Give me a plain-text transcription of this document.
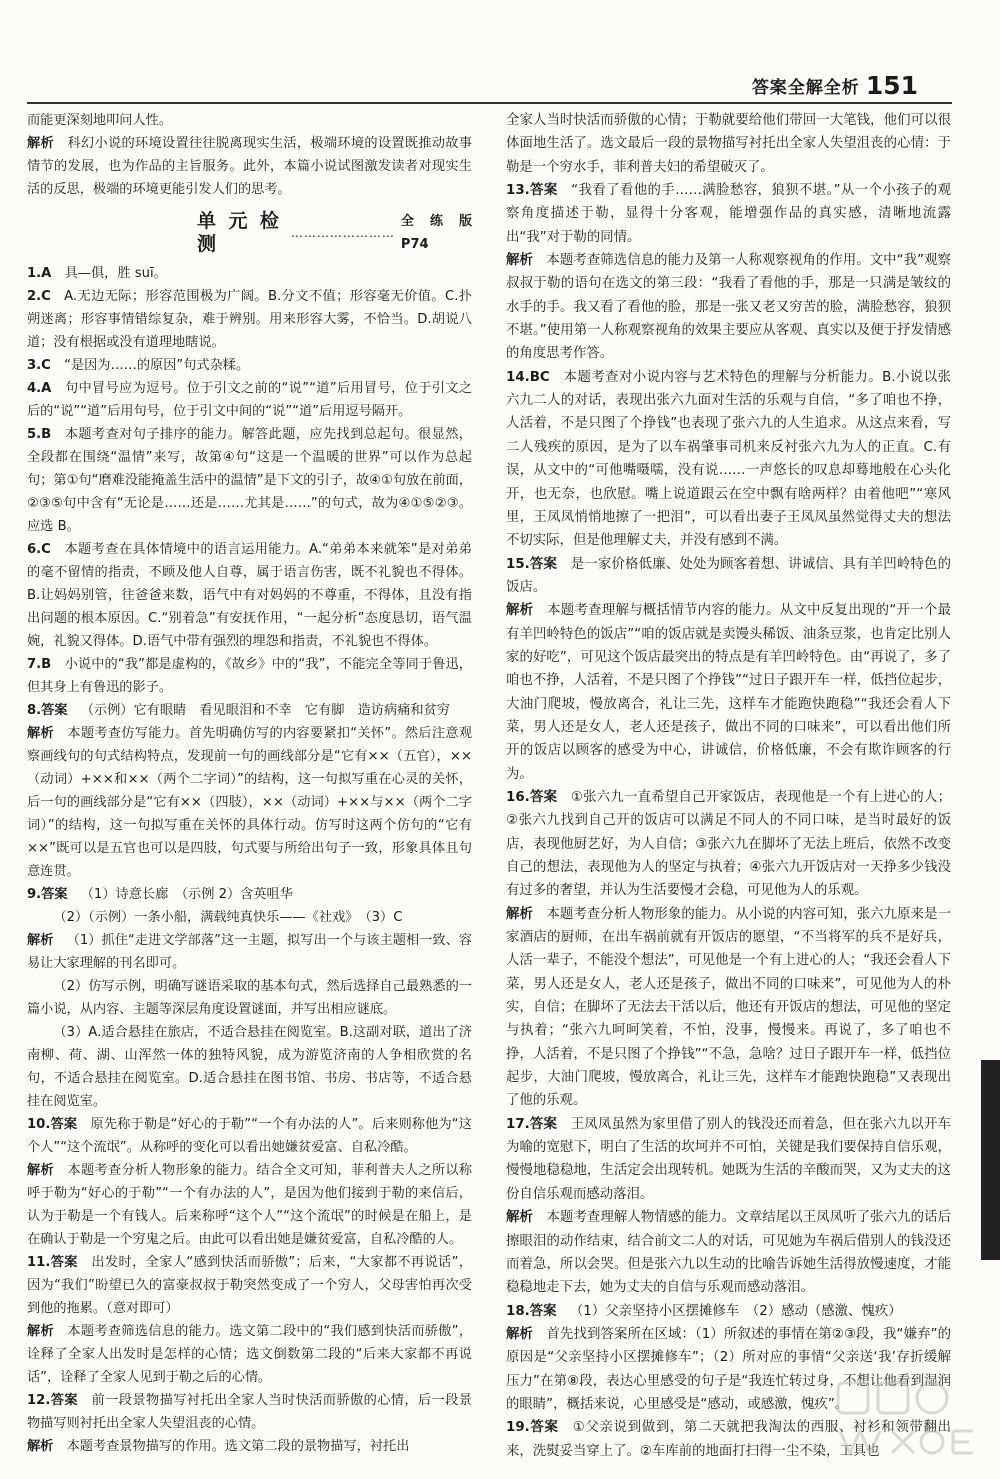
答案全解全析 151

而能更深刻地叩问人性。

解析  科幻小说的环境设置往往脱离现实生活，极端环境的设置既推动故事情节的发展，也为作品的主旨服务。此外，本篇小说试图激发读者对现实生活的反思，极端的环境更能引发人们的思考。

单元检测
……………………
全练版 P74

1.A  具—俱，胜 suī。

2.C  A.无边无际；形容范围极为广阔。B.分文不值；形容毫无价值。C.扑朔迷离；形容事情错综复杂，难于辨别。用来形容大雾，不恰当。D.胡说八道；没有根据或没有道理地瞎说。

3.C  “是因为……的原因”句式杂糅。

4.A  句中冒号应为逗号。位于引文之前的“说”“道”后用冒号，位于引文之后的“说”“道”后用句号，位于引文中间的“说”“道”后用逗号隔开。

5.B  本题考查对句子排序的能力。解答此题，应先找到总起句。很显然，全段都在围绕“温情”来写，故第④句“这是一个温暖的世界”可以作为总起句；第①句“磨难没能掩盖生活中的温情”是下文的引子，故④①句放在前面，②③⑤句中含有“无论是……还是……尤其是……”的句式，故为④①⑤②③。应选 B。

6.C  本题考查在具体情境中的语言运用能力。A.“弟弟本来就笨”是对弟弟的毫不留情的指责，不顾及他人自尊，属于语言伤害，既不礼貌也不得体。B.让妈妈别管，往爸爸来数，语气中有对妈妈的不尊重，不得体，且没有指出问题的根本原因。C.“别着急”有安抚作用，“一起分析”态度恳切，语气温婉，礼貌又得体。D.语气中带有强烈的埋怨和指责，不礼貌也不得体。

7.B  小说中的“我”都是虚构的，《故乡》中的“我”，不能完全等同于鲁迅，但其身上有鲁迅的影子。

8.答案  （示例）它有眼睛　看见眼泪和不幸　它有脚　造访病痛和贫穷

解析  本题考查仿写能力。首先明确仿写的内容要紧扣“关怀”。然后注意观察画线句的句式结构特点，发现前一句的画线部分是“它有××（五官），××（动词）+××和××（两个二字词）”的结构，这一句拟写重在心灵的关怀，后一句的画线部分是“它有××（四肢），××（动词）+××与××（两个二字词）”的结构，这一句拟写重在关怀的具体行动。仿写时这两个仿句的“它有××”既可以是五官也可以是四肢，句式要与所给出句子一致，形象具体且句意连贯。

9.答案  （1）诗意长廊　（示例 2）含英咀华

（2）（示例）一条小船，满载纯真快乐——《社戏》　（3）C

解析  （1）抓住“走进文学部落”这一主题，拟写出一个与该主题相一致、容易让大家理解的刊名即可。

（2）仿写示例，明确写谜语采取的基本句式，然后选择自己最熟悉的一篇小说，从内容、主题等深层角度设置谜面，并写出相应谜底。

（3）A.适合悬挂在旅店，不适合悬挂在阅览室。B.这副对联，道出了济南柳、荷、湖、山浑然一体的独特风貌，成为游览济南的人争相欣赏的名句，不适合悬挂在阅览室。D.适合悬挂在图书馆、书房、书店等，不适合悬挂在阅览室。

10.答案  原先称于勒是“好心的于勒”“一个有办法的人”。后来则称他为“这个人”“这个流氓”。从称呼的变化可以看出她嫌贫爱富、自私冷酷。

解析  本题考查分析人物形象的能力。结合全文可知，菲利普夫人之所以称呼于勒为“好心的于勒”“一个有办法的人”，是因为他们接到于勒的来信后，认为于勒是一个有钱人。后来称呼“这个人”“这个流氓”的时候是在船上，是在确认于勒是一个穷鬼之后。由此可以看出她是嫌贫爱富，自私冷酷的人。

11.答案  出发时，全家人“感到快活而骄傲”；后来，“大家都不再说话”，因为“我们”盼望已久的富豪叔叔于勒突然变成了一个穷人，父母害怕再次受到他的拖累。（意对即可）

解析  本题考查筛选信息的能力。选文第二段中的“我们感到快活而骄傲”，诠释了全家人出发时是怎样的心情；选文倒数第二段的“后来大家都不再说话”，诠释了全家人见到于勒之后的心情。

12.答案  前一段景物描写衬托出全家人当时快活而骄傲的心情，后一段景物描写则衬托出全家人失望沮丧的心情。

解析  本题考查景物描写的作用。选文第二段的景物描写，衬托出

全家人当时快活而骄傲的心情；于勒就要给他们带回一大笔钱，他们可以很体面地生活了。选文最后一段的景物描写衬托出全家人失望沮丧的心情：于勒是一个穷水手，菲利普夫妇的希望破灭了。

13.答案  “我看了看他的手……满脸愁容，狼狈不堪。”从一个小孩子的观察角度描述于勒，显得十分客观，能增强作品的真实感，清晰地流露出“我”对于勒的同情。

解析  本题考查筛选信息的能力及第一人称观察视角的作用。文中“我”观察叔叔于勒的语句在选文的第三段：“我看了看他的手，那是一只满是皱纹的水手的手。我又看了看他的脸，那是一张又老又穷苦的脸，满脸愁容，狼狈不堪。”使用第一人称观察视角的效果主要应从客观、真实以及便于抒发情感的角度思考作答。

14.BC  本题考查对小说内容与艺术特色的理解与分析能力。B.小说以张六九二人的对话，表现出张六九面对生活的乐观与自信，“多了咱也不挣，人活着，不是只图了个挣钱”也表现了张六九的人生追求。从这点来看，写二人残疾的原因，是为了以车祸肇事司机来反衬张六九为人的正直。C.有误，从文中的“可他嘴嗫嚅，没有说……一声悠长的叹息却蓦地般在心头化开，也无奈，也欣慰。嘴上说道跟云在空中飘有啥两样？由着他吧”“寒风里，王凤凤悄悄地擦了一把泪”，可以看出妻子王凤凤虽然觉得丈夫的想法不切实际，但是他理解丈夫，并没有感到不满。

15.答案  是一家价格低廉、处处为顾客着想、讲诚信、具有羊凹岭特色的饭店。

解析  本题考查理解与概括情节内容的能力。从文中反复出现的“开一个最有羊凹岭特色的饭店”“咱的饭店就是卖馒头稀饭、油条豆浆，也肯定比别人家的好吃”，可见这个饭店最突出的特点是有羊凹岭特色。由“再说了，多了咱也不挣，人活着，不是只图了个挣钱”“过日子跟开车一样，低挡位起步，大油门爬坡，慢放离合，礼让三先，这样车才能跑快跑稳”“我还会看人下菜，男人还是女人，老人还是孩子，做出不同的口味来”，可以看出他们所开的饭店以顾客的感受为中心，讲诚信，价格低廉，不会有欺诈顾客的行为。

16.答案  ①张六九一直希望自己开家饭店，表现他是一个有上进心的人；②张六九找到自己开的饭店可以满足不同人的不同口味，是当时最好的饭店，表现他厨艺好，为人自信；③张六九在脚坏了无法上班后，依然不改变自己的想法，表现他为人的坚定与执着；④张六九开饭店对一天挣多少钱没有过多的奢望，并认为生活要慢才会稳，可见他为人的乐观。

解析  本题考查分析人物形象的能力。从小说的内容可知，张六九原来是一家酒店的厨师，在出车祸前就有开饭店的愿望，“不当将军的兵不是好兵，人活一辈子，不能没个想法”，可见他是一个有上进心的人；“我还会看人下菜，男人还是女人，老人还是孩子，做出不同的口味来”，可见他为人的朴实，自信；在脚坏了无法去干活以后，他还有开饭店的想法，可见他的坚定与执着；“张六九呵呵笑着，不怕，没事，慢慢来。再说了，多了咱也不挣，人活着，不是只图了个挣钱”“不急，急啥？过日子跟开车一样，低挡位起步，大油门爬坡，慢放离合，礼让三先，这样车才能跑快跑稳”又表现出了他的乐观。

17.答案  王凤凤虽然为家里借了别人的钱没还而着急，但在张六九以开车为喻的宽慰下，明白了生活的坎坷并不可怕，关键是我们要保持自信乐观，慢慢地稳稳地，生活定会出现转机。她既为生活的辛酸而哭，又为丈夫的这份自信乐观而感动落泪。

解析  本题考查理解人物情感的能力。文章结尾以王凤凤听了张六九的话后擦眼泪的动作结束，结合前文二人的对话，可见她为车祸后借别人的钱没还而着急，所以会哭。但是张六九以生动的比喻告诉她生活得放慢速度，才能稳稳地走下去，她为丈夫的自信与乐观而感动落泪。

18.答案  （1）父亲坚持小区摆摊修车　（2）感动（感激、愧疚）

解析  首先找到答案所在区域：（1）所叙述的事情在第②③段，我“嫌弃”的原因是“父亲坚持小区摆摊修车”；（2）所对应的事情“父亲送‘我’存折缓解压力”在第⑧段，表达心里感受的句子是“我连忙转过身，不想让他看到湿润的眼睛”，概括来说，心里感受是“感动，或感激，愧疚”。

19.答案  ①父亲说到做到，第二天就把我淘汰的西服、衬衫和领带翻出来，洗熨妥当穿上了。②车库前的地面打扫得一尘不染，工具也
